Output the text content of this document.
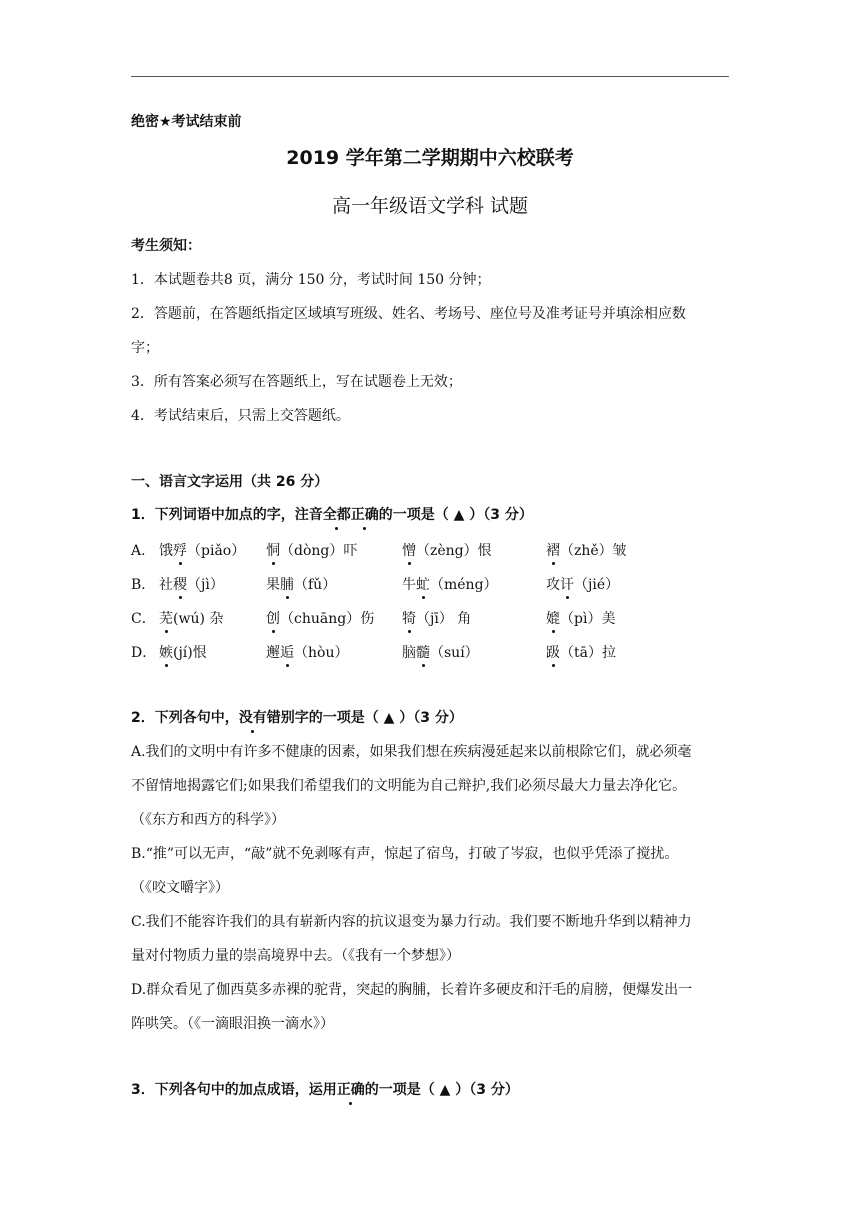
绝密★考试结束前
2019 学年第二学期期中六校联考
高一年级语文学科 试题
考生须知：
1．本试题卷共8 页，满分 150 分，考试时间 150 分钟；
2．答题前，在答题纸指定区域填写班级、姓名、考场号、座位号及准考证号并填涂相应数
字；
3．所有答案必须写在答题纸上，写在试题卷上无效；
4．考试结束后，只需上交答题纸。
一、语言文字运用（共 26 分）
1．下列词语中加点的字，注音全都正确的一项是（ ▲ ）（3 分）
A． 饿殍（piǎo） 恫（dòng）吓	憎（zèng）恨	褶（zhě）皱
B． 社稷（jì）	果脯（fǔ）	牛虻（méng）	攻讦（jié）
C． 芜(wú) 杂	创（chuāng）伤 犄（jī） 角	媲（pì）美
D． 嫉(jí)恨	邂逅（hòu）	脑髓（suí）	趿（tā）拉
2．下列各句中，没有错别字的一项是（ ▲ ）（3 分）
A.我们的文明中有许多不健康的因素，如果我们想在疾病漫延起来以前根除它们，就必须毫
不留情地揭露它们;如果我们希望我们的文明能为自己辩护,我们必须尽最大力量去净化它。
（《东方和西方的科学》）
B.“推”可以无声，“敲”就不免剥啄有声，惊起了宿鸟，打破了岑寂，也似乎凭添了搅扰。
（《咬文嚼字》）
C.我们不能容许我们的具有崭新内容的抗议退变为暴力行动。我们要不断地升华到以精神力
量对付物质力量的崇高境界中去。（《我有一个梦想》）
D.群众看见了伽西莫多赤裸的驼背，突起的胸脯，长着许多硬皮和汗毛的肩膀，便爆发出一
阵哄笑。（《一滴眼泪换一滴水》）
3．下列各句中的加点成语，运用正确的一项是（ ▲ ）（3 分）
